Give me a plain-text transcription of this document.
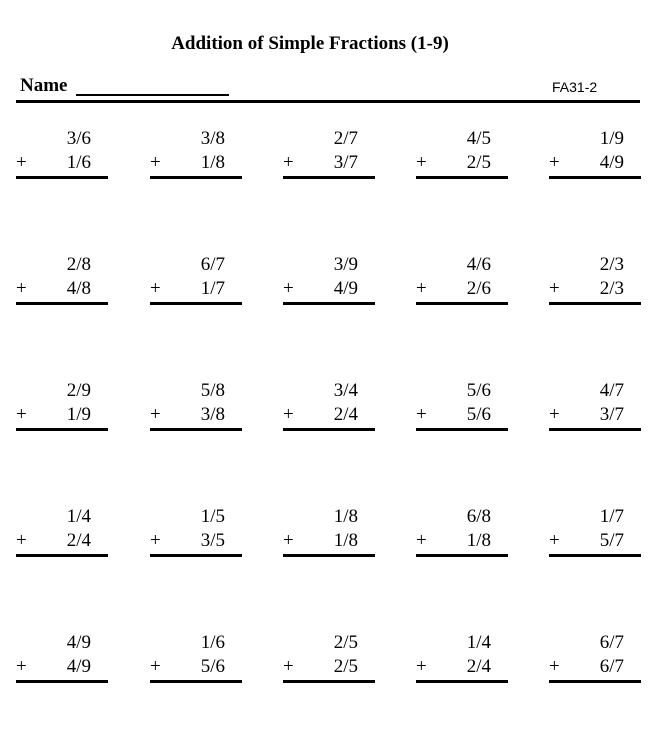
Addition of Simple Fractions (1-9)
Name	FA31-2
3/6
+ 1/6
3/8
+ 1/8
2/7
+ 3/7
4/5
+ 2/5
1/9
+ 4/9
2/8
+ 4/8
6/7
+ 1/7
3/9
+ 4/9
4/6
+ 2/6
2/3
+ 2/3
2/9
+ 1/9
5/8
+ 3/8
3/4
+ 2/4
5/6
+ 5/6
4/7
+ 3/7
1/4
+ 2/4
1/5
+ 3/5
1/8
+ 1/8
6/8
+ 1/8
1/7
+ 5/7
4/9
+ 4/9
1/6
+ 5/6
2/5
+ 2/5
1/4
+ 2/4
6/7
+ 6/7
